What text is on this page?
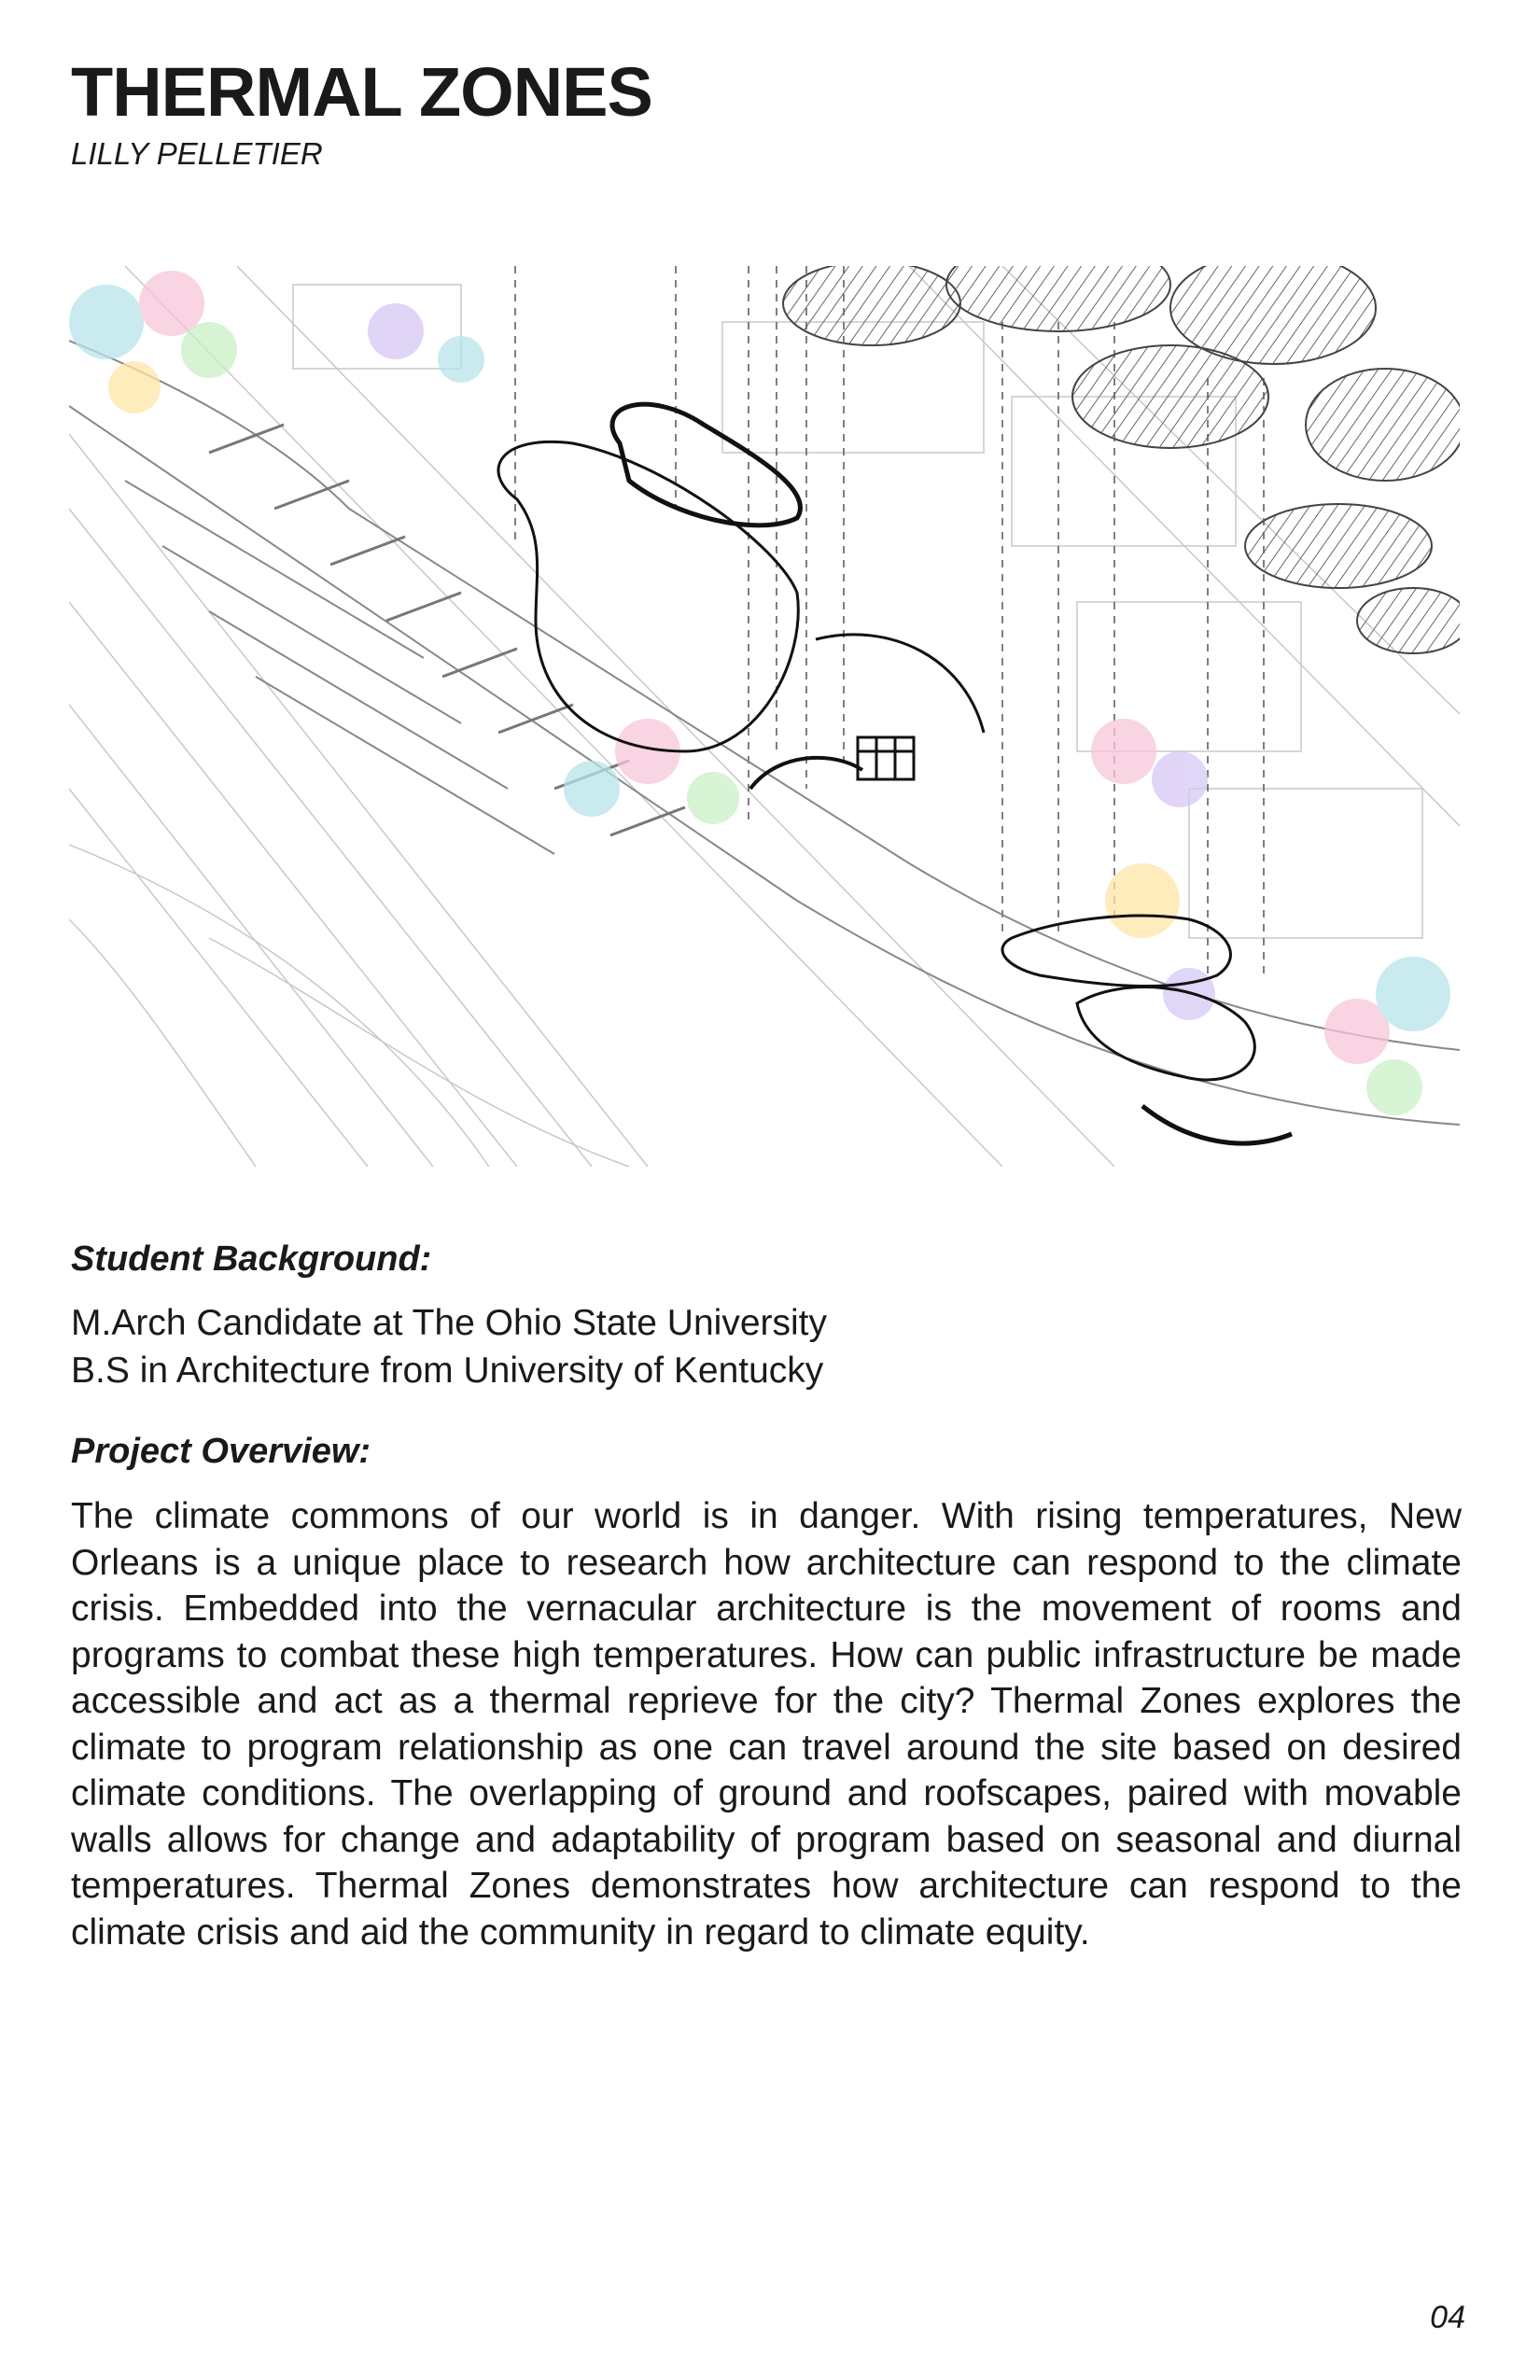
THERMAL ZONES

LILLY PELLETIER

Student Background:
M.Arch Candidate at The Ohio State University
B.S in Architecture from University of Kentucky
Project Overview:

The climate commons of our world is in danger. With rising temperatures, New Orleans is a unique place to research how architecture can respond to the climate crisis. Embedded into the vernacular architecture is the movement of rooms and programs to combat these high temperatures. How can public infrastructure be made accessible and act as a thermal reprieve for the city? Thermal Zones explores the climate to program relationship as one can travel around the site based on desired climate conditions. The overlapping of ground and roofscapes, paired with movable walls allows for change and adaptability of program based on seasonal and diurnal temperatures. Thermal Zones demonstrates how architecture can respond to the climate crisis and aid the community in regard to climate equity.

04
